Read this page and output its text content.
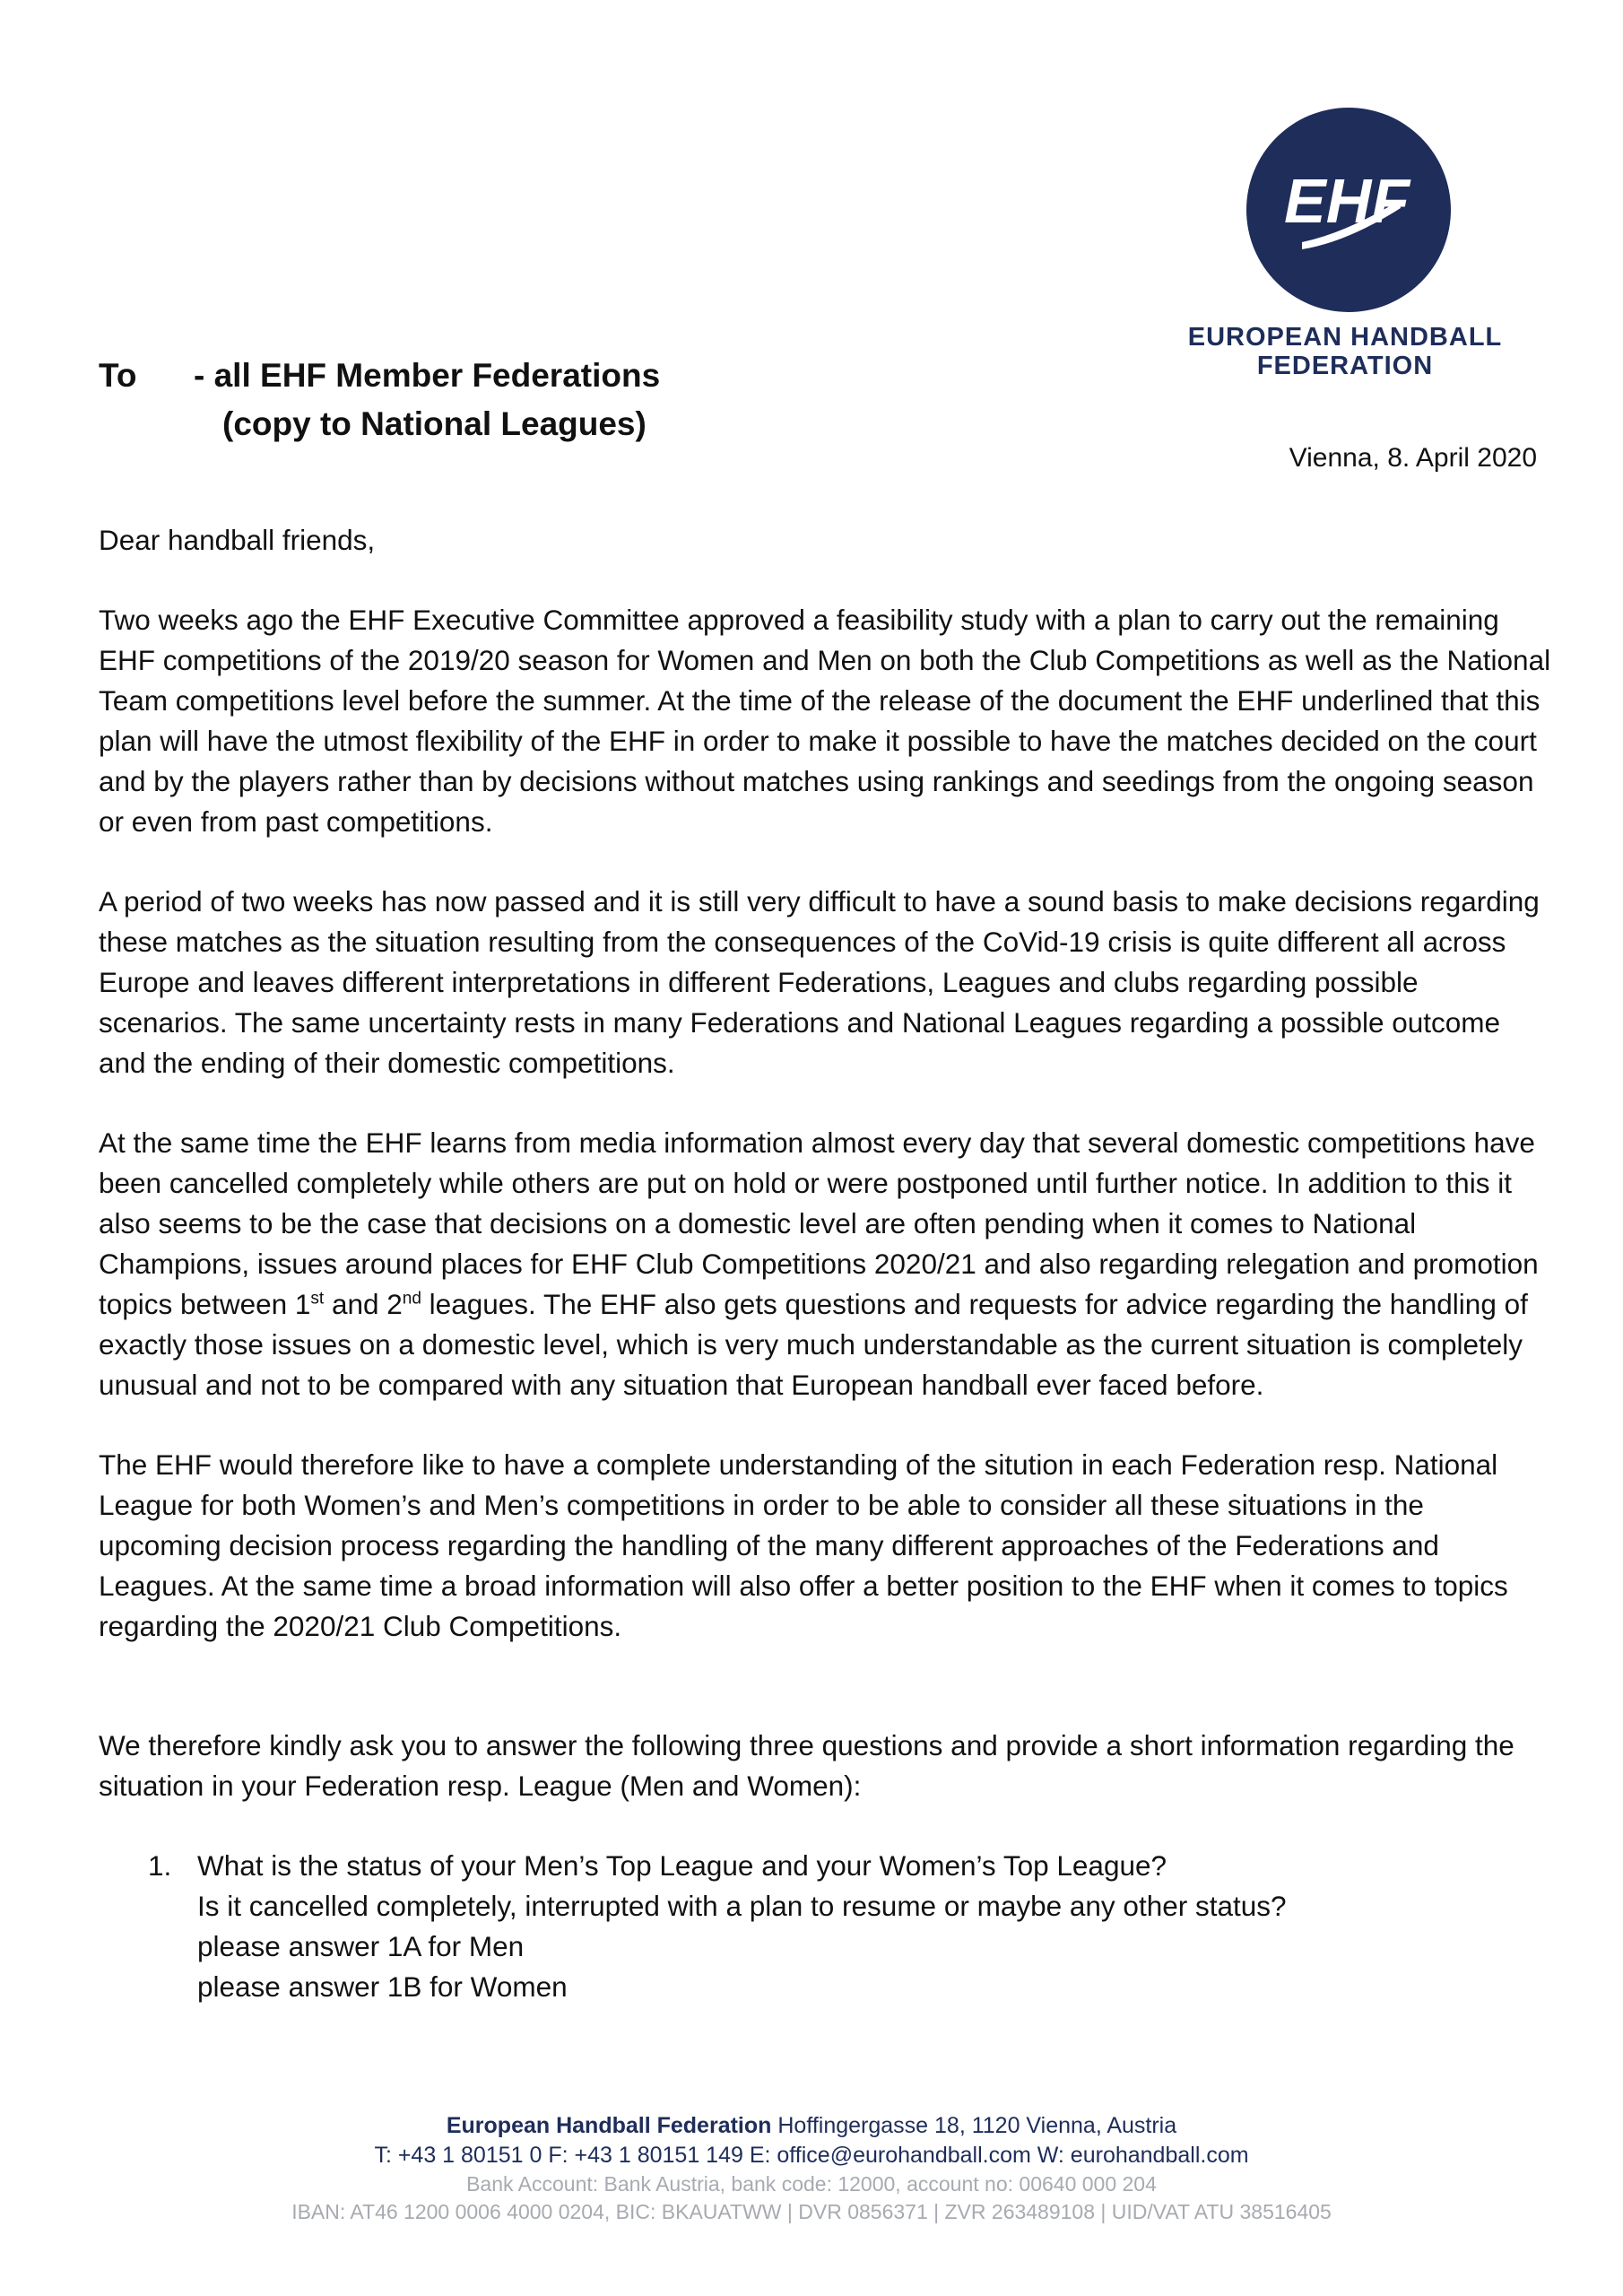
EHF
EUROPEAN HANDBALL
FEDERATION
To - all EHF Member Federations
(copy to National Leagues)
Vienna, 8. April 2020

Dear handball friends,

Two weeks ago the EHF Executive Committee approved a feasibility study with a plan to carry out the remaining EHF competitions of the 2019/20 season for Women and Men on both the Club Competitions as well as the National Team competitions level before the summer. At the time of the release of the document the EHF underlined that this plan will have the utmost flexibility of the EHF in order to make it possible to have the matches decided on the court and by the players rather than by decisions without matches using rankings and seedings from the ongoing season or even from past competitions.

A period of two weeks has now passed and it is still very difficult to have a sound basis to make decisions regarding these matches as the situation resulting from the consequences of the CoVid-19 crisis is quite different all across Europe and leaves different interpretations in different Federations, Leagues and clubs regarding possible scenarios. The same uncertainty rests in many Federations and National Leagues regarding a possible outcome and the ending of their domestic competitions.

At the same time the EHF learns from media information almost every day that several domestic competitions have been cancelled completely while others are put on hold or were postponed until further notice. In addition to this it also seems to be the case that decisions on a domestic level are often pending when it comes to National Champions, issues around places for EHF Club Competitions 2020/21 and also regarding relegation and promotion topics between 1st and 2nd leagues. The EHF also gets questions and requests for advice regarding the handling of exactly those issues on a domestic level, which is very much understandable as the current situation is completely unusual and not to be compared with any situation that European handball ever faced before.

The EHF would therefore like to have a complete understanding of the sitution in each Federation resp. National League for both Women’s and Men’s competitions in order to be able to consider all these situations in the upcoming decision process regarding the handling of the many different approaches of the Federations and Leagues. At the same time a broad information will also offer a better position to the EHF when it comes to topics regarding the 2020/21 Club Competitions.

We therefore kindly ask you to answer the following three questions and provide a short information regarding the situation in your Federation resp. League (Men and Women):

1. What is the status of your Men’s Top League and your Women’s Top League?
Is it cancelled completely, interrupted with a plan to resume or maybe any other status?
please answer 1A for Men
please answer 1B for Women
European Handball Federation Hoffingergasse 18, 1120 Vienna, Austria
T: +43 1 80151 0 F: +43 1 80151 149 E: office@eurohandball.com W: eurohandball.com
Bank Account: Bank Austria, bank code: 12000, account no: 00640 000 204
IBAN: AT46 1200 0006 4000 0204, BIC: BKAUATWW | DVR 0856371 | ZVR 263489108 | UID/VAT ATU 38516405
